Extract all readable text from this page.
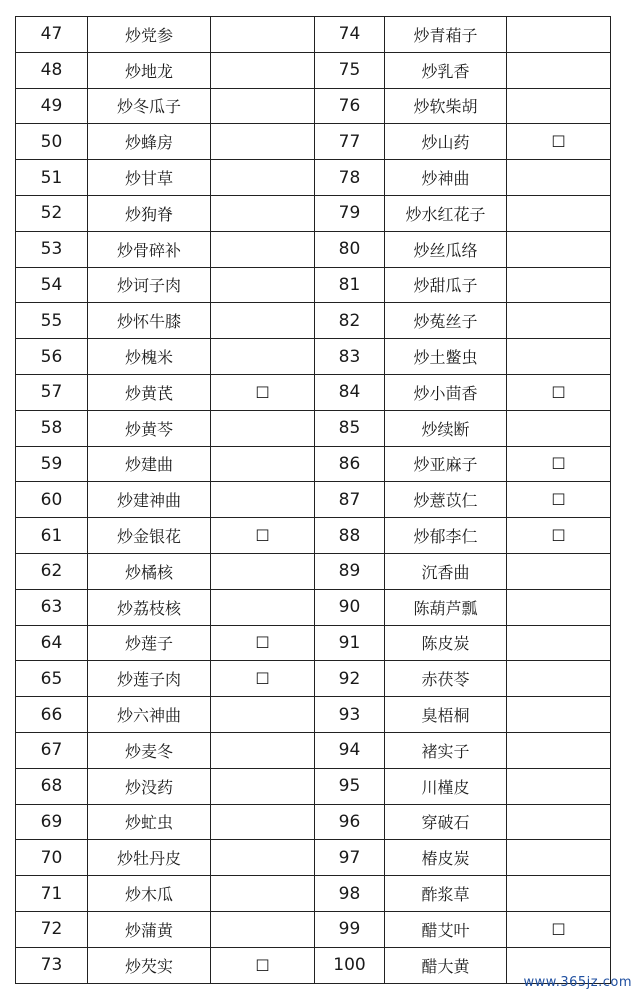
47	炒党参		74	炒青葙子	
48	炒地龙		75	炒乳香	
49	炒冬瓜子		76	炒软柴胡	
50	炒蜂房		77	炒山药	☐
51	炒甘草		78	炒神曲	
52	炒狗脊		79	炒水红花子	
53	炒骨碎补		80	炒丝瓜络	
54	炒诃子肉		81	炒甜瓜子	
55	炒怀牛膝		82	炒菟丝子	
56	炒槐米		83	炒土鳖虫	
57	炒黄芪	☐	84	炒小茴香	☐
58	炒黄芩		85	炒续断	
59	炒建曲		86	炒亚麻子	☐
60	炒建神曲		87	炒薏苡仁	☐
61	炒金银花	☐	88	炒郁李仁	☐
62	炒橘核		89	沉香曲	
63	炒荔枝核		90	陈葫芦瓢	
64	炒莲子	☐	91	陈皮炭	
65	炒莲子肉	☐	92	赤茯苓	
66	炒六神曲		93	臭梧桐	
67	炒麦冬		94	褚实子	
68	炒没药		95	川槿皮	
69	炒虻虫		96	穿破石	
70	炒牡丹皮		97	椿皮炭	
71	炒木瓜		98	酢浆草	
72	炒蒲黄		99	醋艾叶	☐
73	炒芡实	☐	100	醋大黄	
www.365jz.com
